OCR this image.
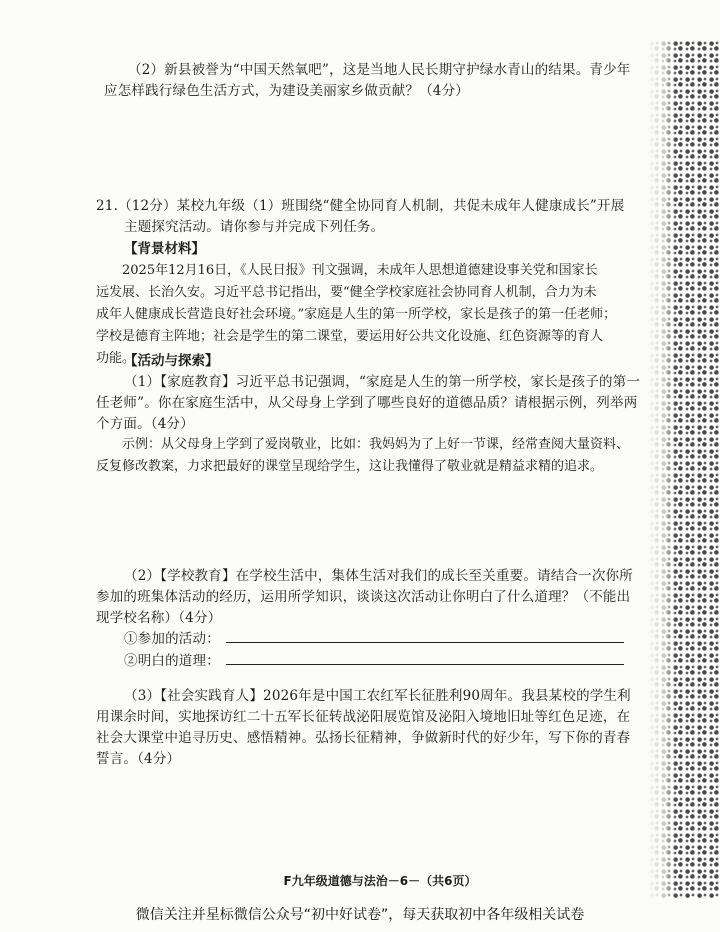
（2）新县被誉为“中国天然氧吧”，这是当地人民长期守护绿水青山的结果。青少年
应怎样践行绿色生活方式，为建设美丽家乡做贡献？（4分）
21.（12分）某校九年级（1）班围绕“健全协同育人机制，共促未成年人健康成长”开展
主题探究活动。请你参与并完成下列任务。
【背景材料】
2025年12月16日，《人民日报》刊文强调，未成年人思想道德建设事关党和国家长
远发展、长治久安。习近平总书记指出，要“健全学校家庭社会协同育人机制，合力为未
成年人健康成长营造良好社会环境。”家庭是人生的第一所学校，家长是孩子的第一任老师；
学校是德育主阵地；社会是学生的第二课堂，要运用好公共文化设施、红色资源等的育人
功能。
【活动与探索】
（1）【家庭教育】习近平总书记强调，“家庭是人生的第一所学校，家长是孩子的第一
任老师”。你在家庭生活中，从父母身上学到了哪些良好的道德品质？请根据示例，列举两
个方面。（4分）
示例：从父母身上学到了爱岗敬业，比如：我妈妈为了上好一节课，经常查阅大量资料、
反复修改教案，力求把最好的课堂呈现给学生，这让我懂得了敬业就是精益求精的追求。
（2）【学校教育】在学校生活中，集体生活对我们的成长至关重要。请结合一次你所
参加的班集体活动的经历，运用所学知识，谈谈这次活动让你明白了什么道理？（不能出
现学校名称）（4分）
①参加的活动：
②明白的道理：
（3）【社会实践育人】2026年是中国工农红军长征胜利90周年。我县某校的学生利
用课余时间，实地探访红二十五军长征转战泌阳展览馆及泌阳入境地旧址等红色足迹，在
社会大课堂中追寻历史、感悟精神。弘扬长征精神，争做新时代的好少年，写下你的青春
誓言。（4分）
F九年级道德与法治－6－（共6页）
微信关注并星标微信公众号“初中好试卷”，每天获取初中各年级相关试卷
